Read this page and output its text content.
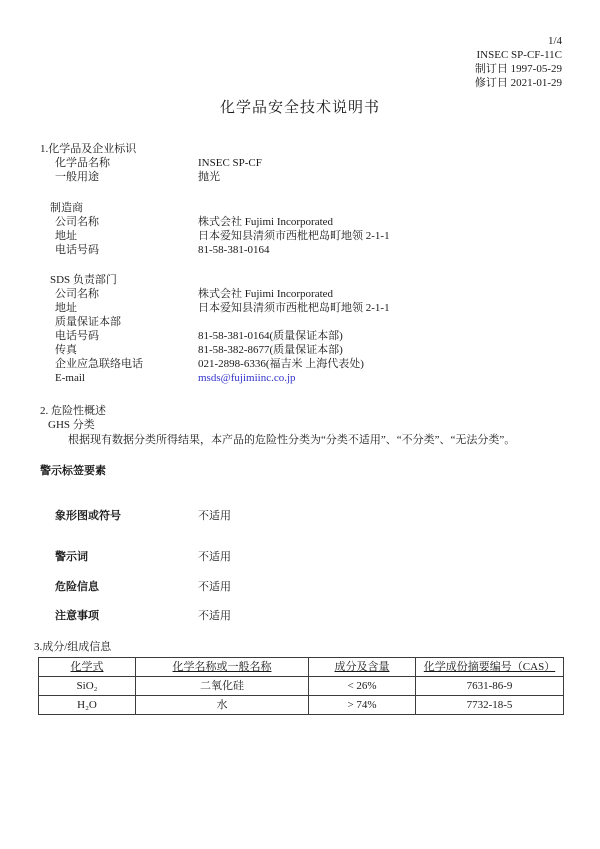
1/4
INSEC SP-CF-11C
制订日 1997-05-29
修订日 2021-01-29
化学品安全技术说明书
1.化学品及企业标识
化学品名称	INSEC SP-CF
一般用途	抛光
制造商
公司名称	株式会社 Fujimi Incorporated
地址	日本爱知县清须市西枇杷岛町地领 2-1-1
电话号码	81-58-381-0164
SDS 负责部门
公司名称	株式会社 Fujimi Incorporated
地址	日本爱知县清须市西枇杷岛町地领 2-1-1
质量保证本部
电话号码	81-58-381-0164(质量保证本部)
传真	81-58-382-8677(质量保证本部)
企业应急联络电话	021-2898-6336(福吉米 上海代表处)
E-mail	msds@fujimiinc.co.jp
2. 危险性概述
GHS 分类
根据现有数据分类所得结果，本产品的危险性分类为“分类不适用”、“不分类”、“无法分类”。
警示标签要素
象形图或符号	不适用
警示词	不适用
危险信息	不适用
注意事项	不适用
3.成分/组成信息
化学式	化学名称或一般名称	成分及含量	化学成份摘要编号（CAS）
SiO₂	二氧化硅	< 26%	7631-86-9
H₂O	水	> 74%	7732-18-5
